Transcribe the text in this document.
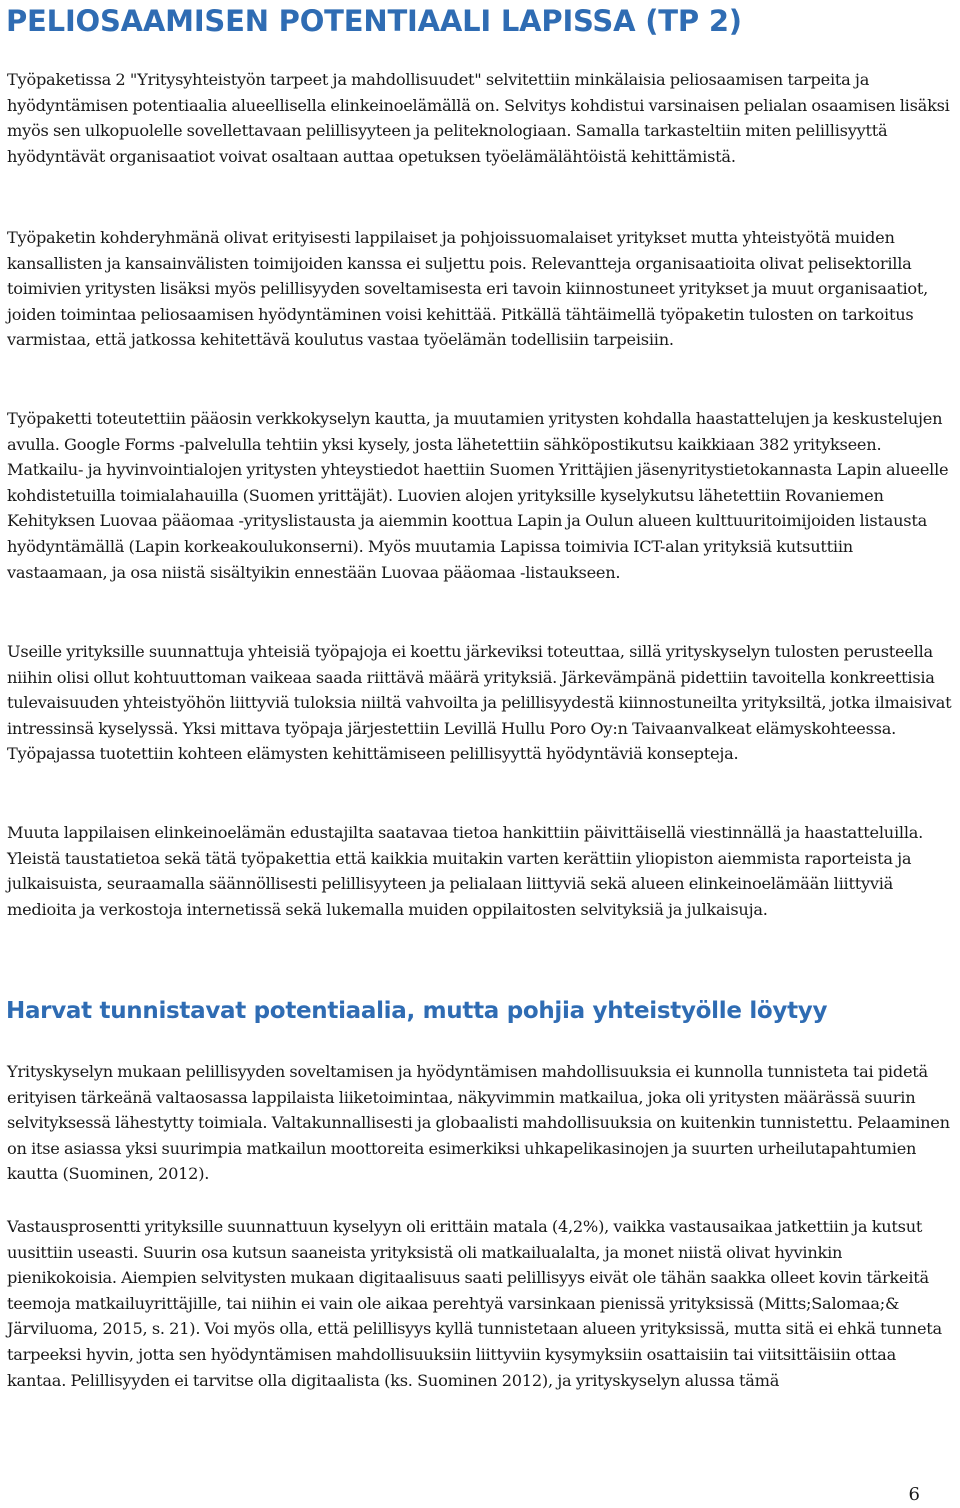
PELIOSAAMISEN POTENTIAALI LAPISSA (TP 2)

Työpaketissa 2 "Yritysyhteistyön tarpeet ja mahdollisuudet" selvitettiin minkälaisia peliosaamisen tarpeita ja hyödyntämisen potentiaalia alueellisella elinkeinoelämällä on. Selvitys kohdistui varsinaisen pelialan osaamisen lisäksi myös sen ulkopuolelle sovellettavaan pelillisyyteen ja peliteknologiaan. Samalla tarkasteltiin miten pelillisyyttä hyödyntävät organisaatiot voivat osaltaan auttaa opetuksen työelämälähtöistä kehittämistä.

Työpaketin kohderyhmänä olivat erityisesti lappilaiset ja pohjoissuomalaiset yritykset mutta yhteistyötä muiden kansallisten ja kansainvälisten toimijoiden kanssa ei suljettu pois. Relevantteja organisaatioita olivat pelisektorilla toimivien yritysten lisäksi myös pelillisyyden soveltamisesta eri tavoin kiinnostuneet yritykset ja muut organisaatiot, joiden toimintaa peliosaamisen hyödyntäminen voisi kehittää. Pitkällä tähtäimellä työpaketin tulosten on tarkoitus varmistaa, että jatkossa kehitettävä koulutus vastaa työelämän todellisiin tarpeisiin.

Työpaketti toteutettiin pääosin verkkokyselyn kautta, ja muutamien yritysten kohdalla haastattelujen ja keskustelujen avulla. Google Forms -palvelulla tehtiin yksi kysely, josta lähetettiin sähköpostikutsu kaikkiaan 382 yritykseen. Matkailu- ja hyvinvointialojen yritysten yhteystiedot haettiin Suomen Yrittäjien jäsenyritystietokannasta Lapin alueelle kohdistetuilla toimialahauilla (Suomen yrittäjät). Luovien alojen yrityksille kyselykutsu lähetettiin Rovaniemen Kehityksen Luovaa pääomaa -yrityslistausta ja aiemmin koottua Lapin ja Oulun alueen kulttuuritoimijoiden listausta hyödyntämällä (Lapin korkeakoulukonserni). Myös muutamia Lapissa toimivia ICT-alan yrityksiä kutsuttiin vastaamaan, ja osa niistä sisältyikin ennestään Luovaa pääomaa -listaukseen.

Useille yrityksille suunnattuja yhteisiä työpajoja ei koettu järkeviksi toteuttaa, sillä yrityskyselyn tulosten perusteella niihin olisi ollut kohtuuttoman vaikeaa saada riittävä määrä yrityksiä. Järkevämpänä pidettiin tavoitella konkreettisia tulevaisuuden yhteistyöhön liittyviä tuloksia niiltä vahvoilta ja pelillisyydestä kiinnostuneilta yrityksiltä, jotka ilmaisivat intressinsä kyselyssä. Yksi mittava työpaja järjestettiin Levillä Hullu Poro Oy:n Taivaanvalkeat elämyskohteessa. Työpajassa tuotettiin kohteen elämysten kehittämiseen pelillisyyttä hyödyntäviä konsepteja.

Muuta lappilaisen elinkeinoelämän edustajilta saatavaa tietoa hankittiin päivittäisellä viestinnällä ja haastatteluilla. Yleistä taustatietoa sekä tätä työpakettia että kaikkia muitakin varten kerättiin yliopiston aiemmista raporteista ja julkaisuista, seuraamalla säännöllisesti pelillisyyteen ja pelialaan liittyviä sekä alueen elinkeinoelämään liittyviä medioita ja verkostoja internetissä sekä lukemalla muiden oppilaitosten selvityksiä ja julkaisuja.

Harvat tunnistavat potentiaalia, mutta pohjia yhteistyölle löytyy

Yrityskyselyn mukaan pelillisyyden soveltamisen ja hyödyntämisen mahdollisuuksia ei kunnolla tunnisteta tai pidetä erityisen tärkeänä valtaosassa lappilaista liiketoimintaa, näkyvimmin matkailua, joka oli yritysten määrässä suurin selvityksessä lähestytty toimiala. Valtakunnallisesti ja globaalisti mahdollisuuksia on kuitenkin tunnistettu. Pelaaminen on itse asiassa yksi suurimpia matkailun moottoreita esimerkiksi uhkapelikasinojen ja suurten urheilutapahtumien kautta (Suominen, 2012).

Vastausprosentti yrityksille suunnattuun kyselyyn oli erittäin matala (4,2%), vaikka vastausaikaa jatkettiin ja kutsut uusittiin useasti. Suurin osa kutsun saaneista yrityksistä oli matkailualalta, ja monet niistä olivat hyvinkin pienikokoisia. Aiempien selvitysten mukaan digitaalisuus saati pelillisyys eivät ole tähän saakka olleet kovin tärkeitä teemoja matkailuyrittäjille, tai niihin ei vain ole aikaa perehtyä varsinkaan pienissä yrityksissä (Mitts;Salomaa;& Järviluoma, 2015, s. 21). Voi myös olla, että pelillisyys kyllä tunnistetaan alueen yrityksissä, mutta sitä ei ehkä tunneta tarpeeksi hyvin, jotta sen hyödyntämisen mahdollisuuksiin liittyviin kysymyksiin osattaisiin tai viitsittäisiin ottaa kantaa. Pelillisyyden ei tarvitse olla digitaalista (ks. Suominen 2012), ja yrityskyselyn alussa tämä

6
